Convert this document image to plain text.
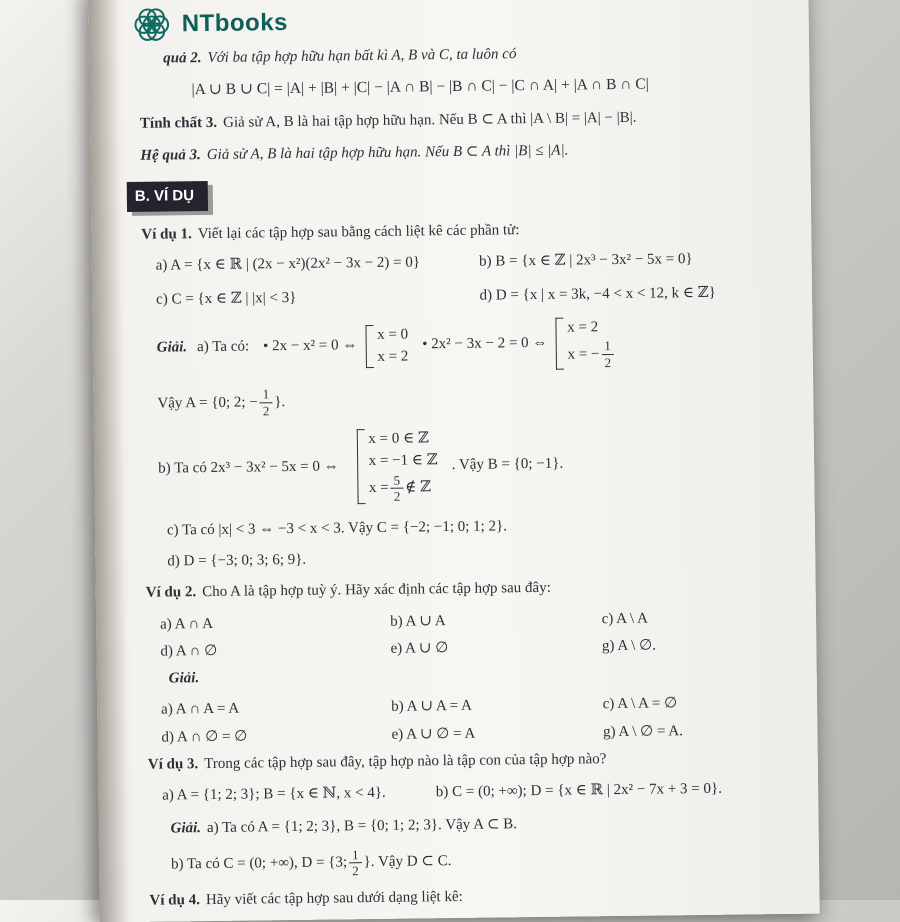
NTbooks

quả 2. Với ba tập hợp hữu hạn bất kì A, B và C, ta luôn có

|A ∪ B ∪ C| = |A| + |B| + |C| − |A ∩ B| − |B ∩ C| − |C ∩ A| + |A ∩ B ∩ C|

Tính chất 3. Giả sử A, B là hai tập hợp hữu hạn. Nếu B ⊂ A thì |A \ B| = |A| − |B|.

Hệ quả 3. Giả sử A, B là hai tập hợp hữu hạn. Nếu B ⊂ A thì |B| ≤ |A|.

B. VÍ DỤ

Ví dụ 1. Viết lại các tập hợp sau bằng cách liệt kê các phần tử:

a) A = {x ∈ ℝ | (2x − x²)(2x² − 3x − 2) = 0}	b) B = {x ∈ ℤ | 2x³ − 3x² − 5x = 0}
c) C = {x ∈ ℤ | |x| < 3}	d) D = {x | x = 3k, −4 < x < 12, k ∈ ℤ}
Giải. a) Ta có: • 2x − x² = 0 ⇔
x = 0
x = 2
• 2x² − 3x − 2 = 0 ⇔
x = 2
x = − $\frac{1}{2}$
Vậy A = {0; 2; − $\frac{1}{2}$ }.
b) Ta có 2x³ − 3x² − 5x = 0 ⇔
x = 0 ∈ ℤ
x = −1 ∈ ℤ
$x = \frac{5}{2}$ ∉ ℤ
. Vậy B = {0; −1}.

c) Ta có |x| < 3 ⇔ −3 < x < 3. Vậy C = {−2; −1; 0; 1; 2}.

d) D = {−3; 0; 3; 6; 9}.

Ví dụ 2. Cho A là tập hợp tuỳ ý. Hãy xác định các tập hợp sau đây:

a) A ∩ A	b) A ∪ A	c) A \ A
d) A ∩ ∅	e) A ∪ ∅	g) A \ ∅.

Giải.

a) A ∩ A = A	b) A ∪ A = A	c) A \ A = ∅
d) A ∩ ∅ = ∅	e) A ∪ ∅ = A	g) A \ ∅ = A.

Ví dụ 3. Trong các tập hợp sau đây, tập hợp nào là tập con của tập hợp nào?

a) A = {1; 2; 3}; B = {x ∈ ℕ, x < 4}.	b) C = (0; +∞); D = {x ∈ ℝ | 2x² − 7x + 3 = 0}.

Giải. a) Ta có A = {1; 2; 3}, B = {0; 1; 2; 3}. Vậy A ⊂ B.

b) Ta có C = (0; +∞), D = {3; $\frac{1}{2}$ }. Vậy D ⊂ C.

Ví dụ 4. Hãy viết các tập hợp sau dưới dạng liệt kê:
